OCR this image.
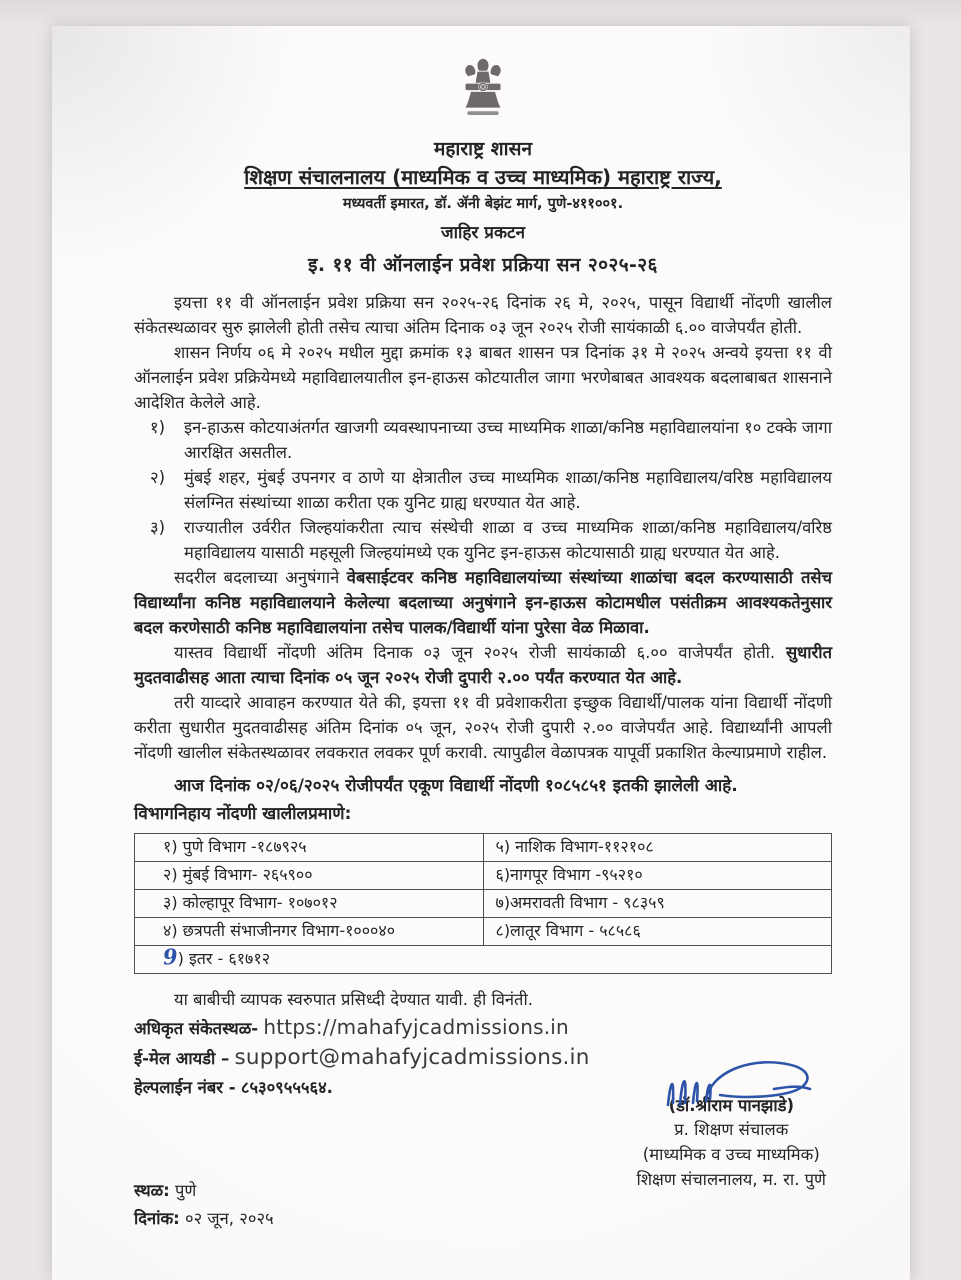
महाराष्ट्र शासन
शिक्षण संचालनालय (माध्यमिक व उच्च माध्यमिक) महाराष्ट्र राज्य,
मध्यवर्ती इमारत, डॉ. ॲनी बेझंट मार्ग, पुणे-४११००१.
जाहिर प्रकटन
इ. ११ वी ऑनलाईन प्रवेश प्रक्रिया सन २०२५-२६

इयत्ता ११ वी ऑनलाईन प्रवेश प्रक्रिया सन २०२५-२६ दिनांक २६ मे, २०२५, पासून विद्यार्थी नोंदणी खालील संकेतस्थळावर सुरु झालेली होती तसेच त्याचा अंतिम दिनाक ०३ जून २०२५ रोजी सायंकाळी ६.०० वाजेपर्यंत होती.

शासन निर्णय ०६ मे २०२५ मधील मुद्दा क्रमांक १३ बाबत शासन पत्र दिनांक ३१ मे २०२५ अन्वये इयत्ता ११ वी ऑनलाईन प्रवेश प्रक्रियेमध्ये महाविद्यालयातील इन-हाऊस कोटयातील जागा भरणेबाबत आवश्यक बदलाबाबत शासनाने आदेशित केलेले आहे.

१)	इन-हाऊस कोटयाअंतर्गत खाजगी व्यवस्थापनाच्या उच्च माध्यमिक शाळा/कनिष्ठ महाविद्यालयांना १० टक्के जागा आरक्षित असतील.
२)	मुंबई शहर, मुंबई उपनगर व ठाणे या क्षेत्रातील उच्च माध्यमिक शाळा/कनिष्ठ महाविद्यालय/वरिष्ठ महाविद्यालय संलग्नित संस्थांच्या शाळा करीता एक युनिट ग्राह्य धरण्यात येत आहे.
३)	राज्यातील उर्वरीत जिल्हयांकरीता त्याच संस्थेची शाळा व उच्च माध्यमिक शाळा/कनिष्ठ महाविद्यालय/वरिष्ठ महाविद्यालय यासाठी महसूली जिल्हयांमध्ये एक युनिट इन-हाऊस कोटयासाठी ग्राह्य धरण्यात येत आहे.

सदरील बदलाच्या अनुषंगाने वेबसाईटवर कनिष्ठ महाविद्यालयांच्या संस्थांच्या शाळांचा बदल करण्यासाठी तसेच विद्यार्थ्यांना कनिष्ठ महाविद्यालयाने केलेल्या बदलाच्या अनुषंगाने इन-हाऊस कोटामधील पसंतीक्रम आवश्यकतेनुसार बदल करणेसाठी कनिष्ठ महाविद्यालयांना तसेच पालक/विद्यार्थी यांना पुरेसा वेळ मिळावा.

यास्तव विद्यार्थी नोंदणी अंतिम दिनाक ०३ जून २०२५ रोजी सायंकाळी ६.०० वाजेपर्यंत होती. सुधारीत मुदतवाढीसह आता त्याचा दिनांक ०५ जून २०२५ रोजी दुपारी २.०० पर्यंत करण्यात येत आहे.

तरी याव्दारे आवाहन करण्यात येते की, इयत्ता ११ वी प्रवेशाकरीता इच्छुक विद्यार्थी/पालक यांना विद्यार्थी नोंदणी करीता सुधारीत मुदतवाढीसह अंतिम दिनांक ०५ जून, २०२५ रोजी दुपारी २.०० वाजेपर्यंत आहे. विद्यार्थ्यांनी आपली नोंदणी खालील संकेतस्थळावर लवकरात लवकर पूर्ण करावी. त्यापुढील वेळापत्रक यापूर्वी प्रकाशित केल्याप्रमाणे राहील.

आज दिनांक ०२/०६/२०२५ रोजीपर्यंत एकूण विद्यार्थी नोंदणी १०८५८५१ इतकी झालेली आहे.
विभागनिहाय नोंदणी खालीलप्रमाणे:
१) पुणे विभाग -१८७९२५	५) नाशिक विभाग-११२१०८
२) मुंबई विभाग- २६५९००	६)नागपूर विभाग -९५२१०
३) कोल्हापूर विभाग- १०७०१२	७)अमरावती विभाग - ९८३५९
४) छत्रपती संभाजीनगर विभाग-१०००४०	८)लातूर विभाग - ५८५८६
9) इतर - ६१७१२	
या बाबीची व्यापक स्वरुपात प्रसिध्दी देण्यात यावी. ही विनंती.
अधिकृत संकेतस्थळ- https://mahafyjcadmissions.in
ई-मेल आयडी – support@mahafyjcadmissions.in
हेल्पलाईन नंबर - ८५३०९५५५६४.
स्थळ: पुणे
दिनांक: ०२ जून, २०२५
(डॉ.श्रीराम पानझाडे)
प्र. शिक्षण संचालक
(माध्यमिक व उच्च माध्यमिक)
शिक्षण संचालनालय, म. रा. पुणे
